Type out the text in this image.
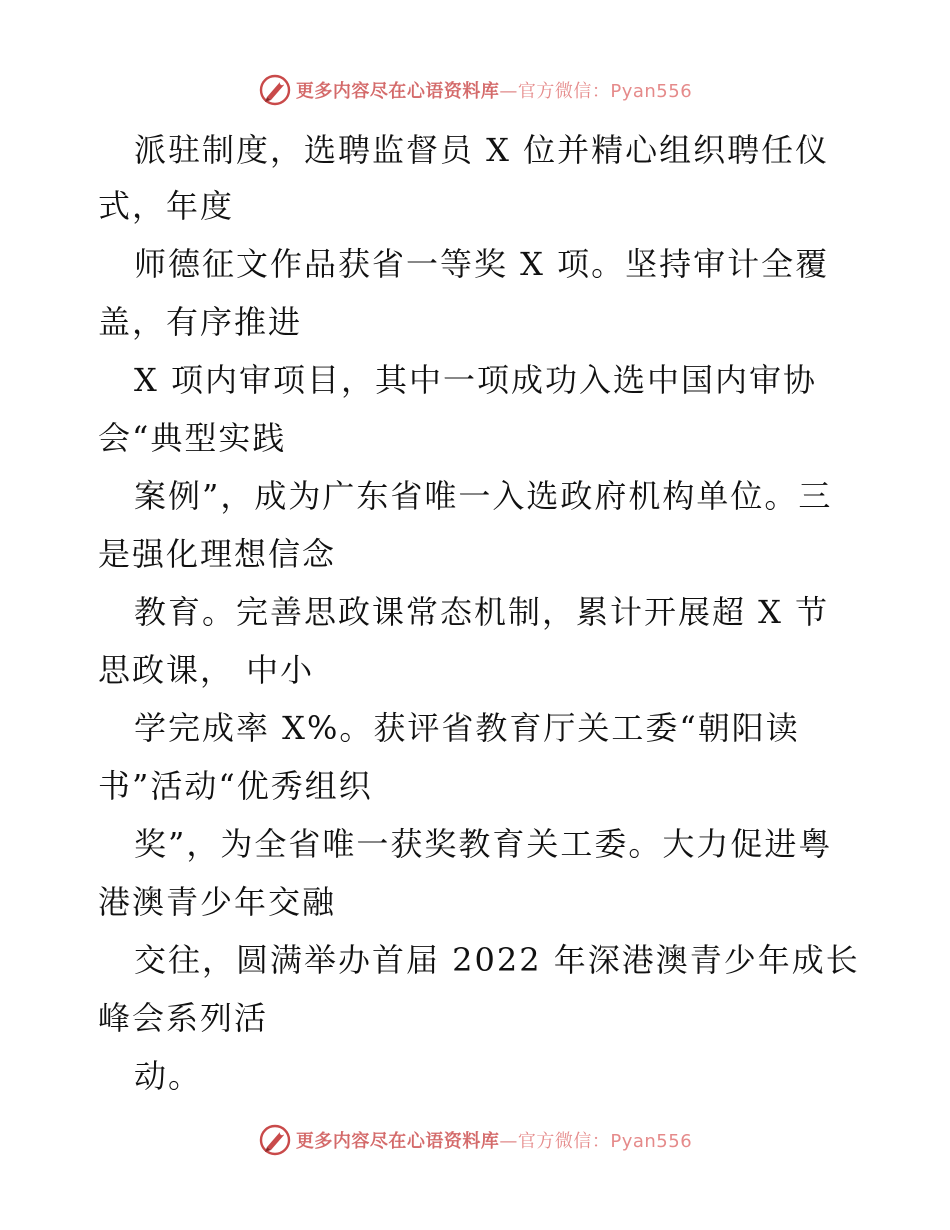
更多内容尽在心语资料库—官方微信：Pyan556
派驻制度，选聘监督员 X 位并精心组织聘任仪
式，年度
师德征文作品获省一等奖 X 项。坚持审计全覆
盖，有序推进
X 项内审项目，其中一项成功入选中国内审协
会“典型实践
案例”，成为广东省唯一入选政府机构单位。三
是强化理想信念
教育。完善思政课常态机制，累计开展超 X 节
思政课， 中小
学完成率 X%。获评省教育厅关工委“朝阳读
书”活动“优秀组织
奖”，为全省唯一获奖教育关工委。大力促进粤
港澳青少年交融
交往，圆满举办首届 2022 年深港澳青少年成长
峰会系列活
动。
更多内容尽在心语资料库—官方微信：Pyan556
